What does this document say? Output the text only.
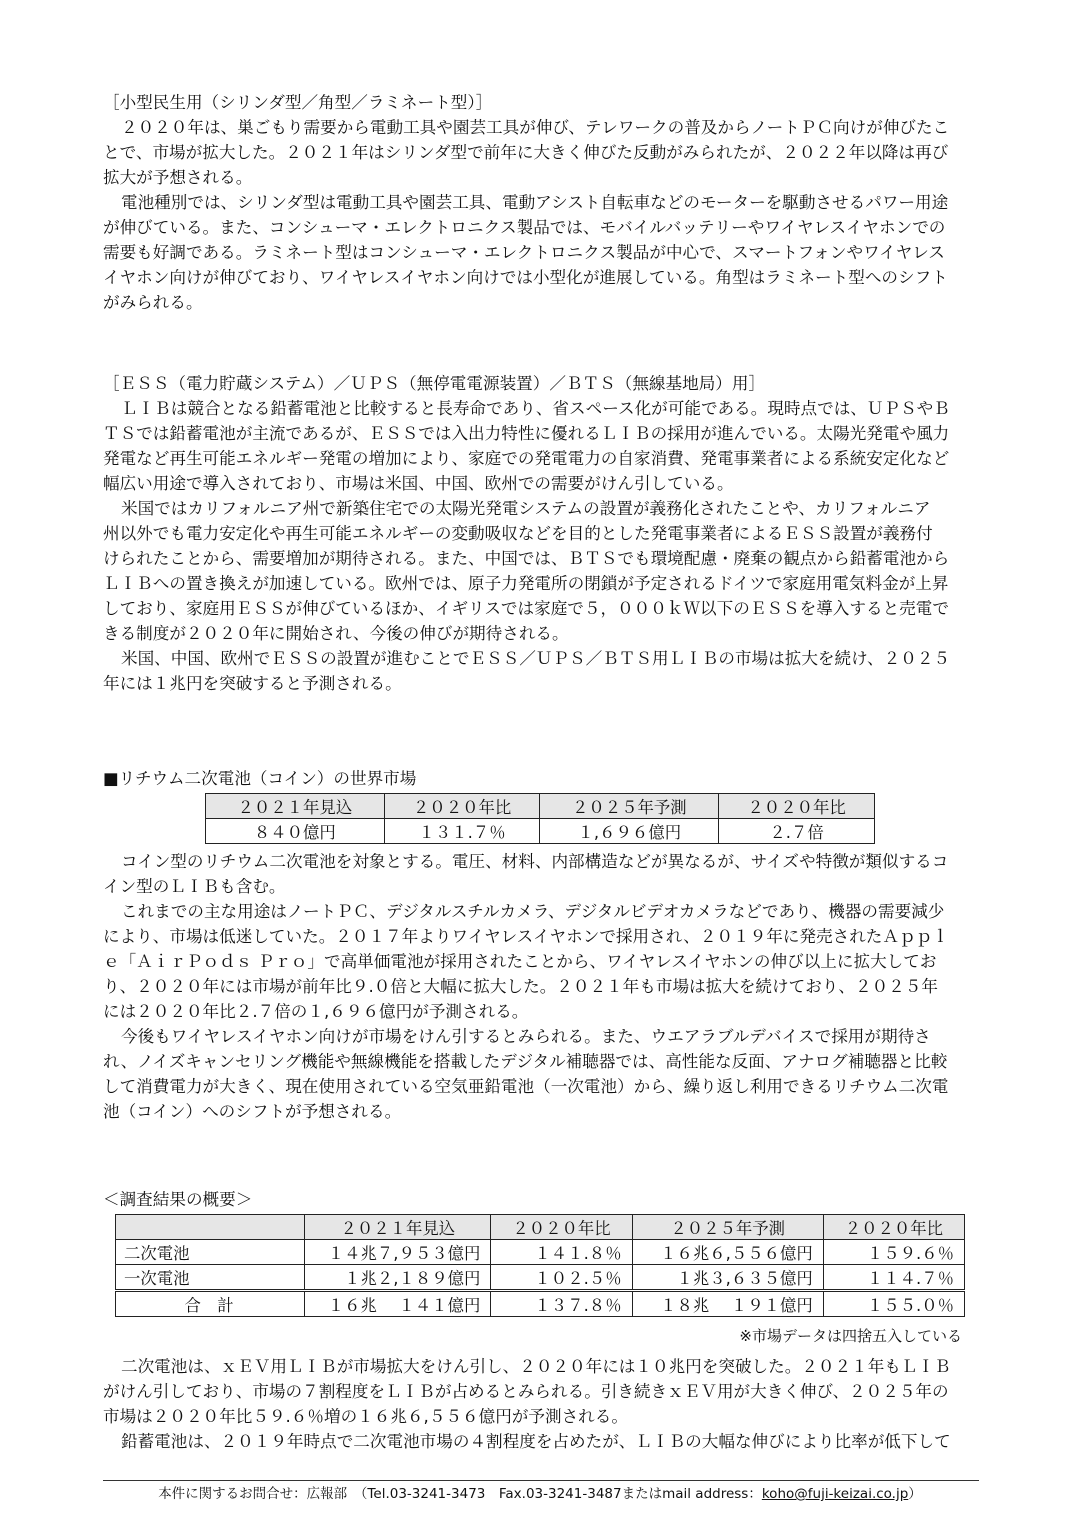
［小型民生用（シリンダ型／角型／ラミネート型）］
２０２０年は、巣ごもり需要から電動工具や園芸工具が伸び、テレワークの普及からノートＰＣ向けが伸びたこ
とで、市場が拡大した。２０２１年はシリンダ型で前年に大きく伸びた反動がみられたが、２０２２年以降は再び
拡大が予想される。
電池種別では、シリンダ型は電動工具や園芸工具、電動アシスト自転車などのモーターを駆動させるパワー用途
が伸びている。また、コンシューマ・エレクトロニクス製品では、モバイルバッテリーやワイヤレスイヤホンでの
需要も好調である。ラミネート型はコンシューマ・エレクトロニクス製品が中心で、スマートフォンやワイヤレス
イヤホン向けが伸びており、ワイヤレスイヤホン向けでは小型化が進展している。角型はラミネート型へのシフト
がみられる。
［ＥＳＳ（電力貯蔵システム）／ＵＰＳ（無停電電源装置）／ＢＴＳ（無線基地局）用］
ＬＩＢは競合となる鉛蓄電池と比較すると長寿命であり、省スペース化が可能である。現時点では、ＵＰＳやＢ
ＴＳでは鉛蓄電池が主流であるが、ＥＳＳでは入出力特性に優れるＬＩＢの採用が進んでいる。太陽光発電や風力
発電など再生可能エネルギー発電の増加により、家庭での発電電力の自家消費、発電事業者による系統安定化など
幅広い用途で導入されており、市場は米国、中国、欧州での需要がけん引している。
米国ではカリフォルニア州で新築住宅での太陽光発電システムの設置が義務化されたことや、カリフォルニア
州以外でも電力安定化や再生可能エネルギーの変動吸収などを目的とした発電事業者によるＥＳＳ設置が義務付
けられたことから、需要増加が期待される。また、中国では、ＢＴＳでも環境配慮・廃棄の観点から鉛蓄電池から
ＬＩＢへの置き換えが加速している。欧州では、原子力発電所の閉鎖が予定されるドイツで家庭用電気料金が上昇
しており、家庭用ＥＳＳが伸びているほか、イギリスでは家庭で５，０００ｋＷ以下のＥＳＳを導入すると売電で
きる制度が２０２０年に開始され、今後の伸びが期待される。
米国、中国、欧州でＥＳＳの設置が進むことでＥＳＳ／ＵＰＳ／ＢＴＳ用ＬＩＢの市場は拡大を続け、２０２５
年には１兆円を突破すると予測される。
■リチウム二次電池（コイン）の世界市場
２０２１年見込	２０２０年比	２０２５年予測	２０２０年比
８４０億円	１３１.７％	１,６９６億円	２.７倍
コイン型のリチウム二次電池を対象とする。電圧、材料、内部構造などが異なるが、サイズや特徴が類似するコ
イン型のＬＩＢも含む。
これまでの主な用途はノートＰＣ、デジタルスチルカメラ、デジタルビデオカメラなどであり、機器の需要減少
により、市場は低迷していた。２０１７年よりワイヤレスイヤホンで採用され、２０１９年に発売されたＡｐｐｌ
ｅ「ＡｉｒＰｏｄｓ Ｐｒｏ」で高単価電池が採用されたことから、ワイヤレスイヤホンの伸び以上に拡大してお
り、２０２０年には市場が前年比９.０倍と大幅に拡大した。２０２１年も市場は拡大を続けており、２０２５年
には２０２０年比２.７倍の１,６９６億円が予測される。
今後もワイヤレスイヤホン向けが市場をけん引するとみられる。また、ウエアラブルデバイスで採用が期待さ
れ、ノイズキャンセリング機能や無線機能を搭載したデジタル補聴器では、高性能な反面、アナログ補聴器と比較
して消費電力が大きく、現在使用されている空気亜鉛電池（一次電池）から、繰り返し利用できるリチウム二次電
池（コイン）へのシフトが予想される。
＜調査結果の概要＞
	２０２１年見込	２０２０年比	２０２５年予測	２０２０年比
二次電池	１４兆７,９５３億円	１４１.８％	１６兆６,５５６億円	１５９.６％
一次電池	１兆２,１８９億円	１０２.５％	１兆３,６３５億円	１１４.７％
合　計	１６兆　 １４１億円	１３７.８％	１８兆　 １９１億円	１５５.０％
※市場データは四捨五入している
二次電池は、ｘＥＶ用ＬＩＢが市場拡大をけん引し、２０２０年には１０兆円を突破した。２０２１年もＬＩＢ
がけん引しており、市場の７割程度をＬＩＢが占めるとみられる。引き続きｘＥＶ用が大きく伸び、２０２５年の
市場は２０２０年比５９.６％増の１６兆６,５５６億円が予測される。
鉛蓄電池は、２０１９年時点で二次電池市場の４割程度を占めたが、ＬＩＢの大幅な伸びにより比率が低下して
本件に関するお問合せ：広報部　（Tel.03-3241-3473　Fax.03-3241-3487またはmail address：koho@fuji-keizai.co.jp）
